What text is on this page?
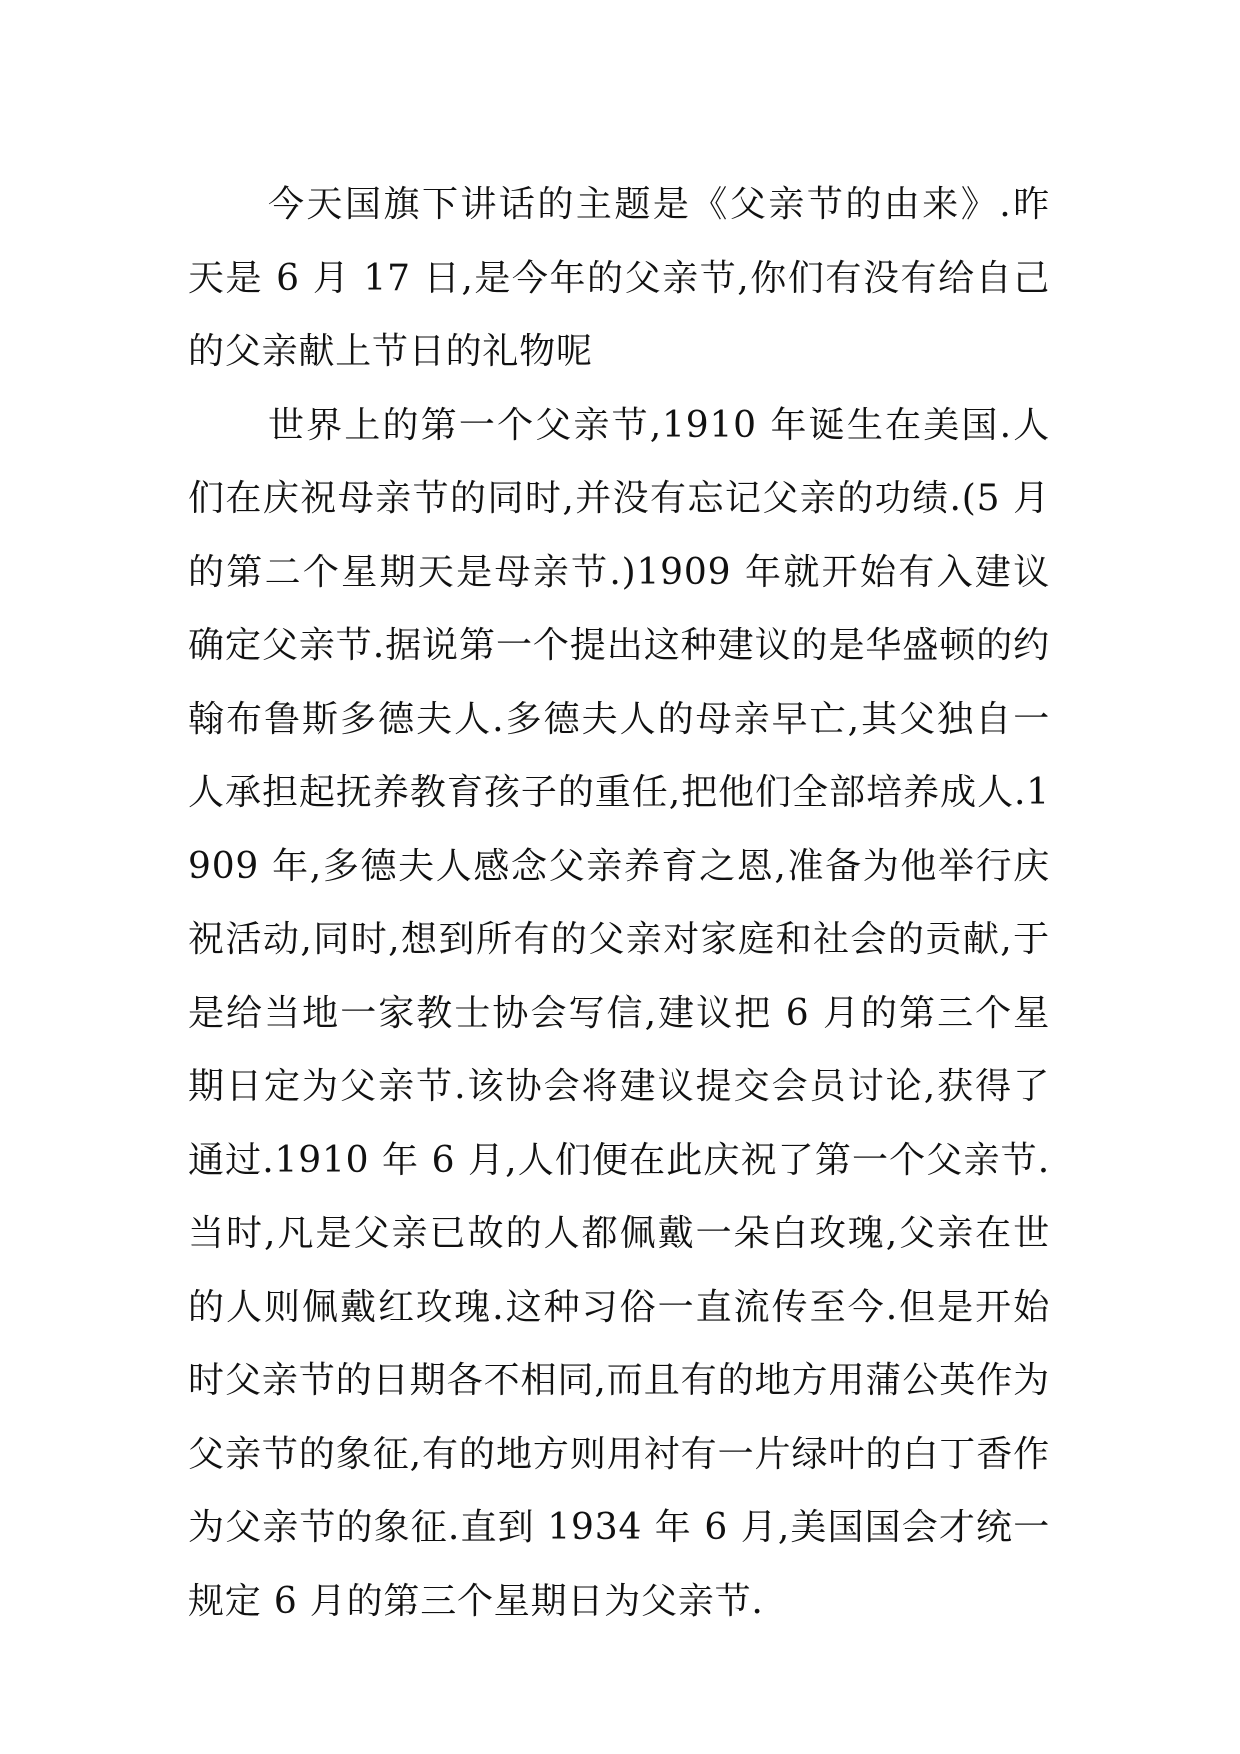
今天国旗下讲话的主题是《父亲节的由来》.昨天是 6 月 17 日,是今年的父亲节,你们有没有给自己的父亲献上节日的礼物呢

世界上的第一个父亲节,1910 年诞生在美国.人们在庆祝母亲节的同时,并没有忘记父亲的功绩.(5 月的第二个星期天是母亲节.)1909 年就开始有入建议确定父亲节.据说第一个提出这种建议的是华盛顿的约翰布鲁斯多德夫人.多德夫人的母亲早亡,其父独自一人承担起抚养教育孩子的重任,把他们全部培养成人.1909 年,多德夫人感念父亲养育之恩,准备为他举行庆祝活动,同时,想到所有的父亲对家庭和社会的贡献,于是给当地一家教士协会写信,建议把 6 月的第三个星期日定为父亲节.该协会将建议提交会员讨论,获得了通过.1910 年 6 月,人们便在此庆祝了第一个父亲节.当时,凡是父亲已故的人都佩戴一朵白玫瑰,父亲在世的人则佩戴红玫瑰.这种习俗一直流传至今.但是开始时父亲节的日期各不相同,而且有的地方用蒲公英作为父亲节的象征,有的地方则用衬有一片绿叶的白丁香作为父亲节的象征.直到 1934 年 6 月,美国国会才统一规定 6 月的第三个星期日为父亲节.
